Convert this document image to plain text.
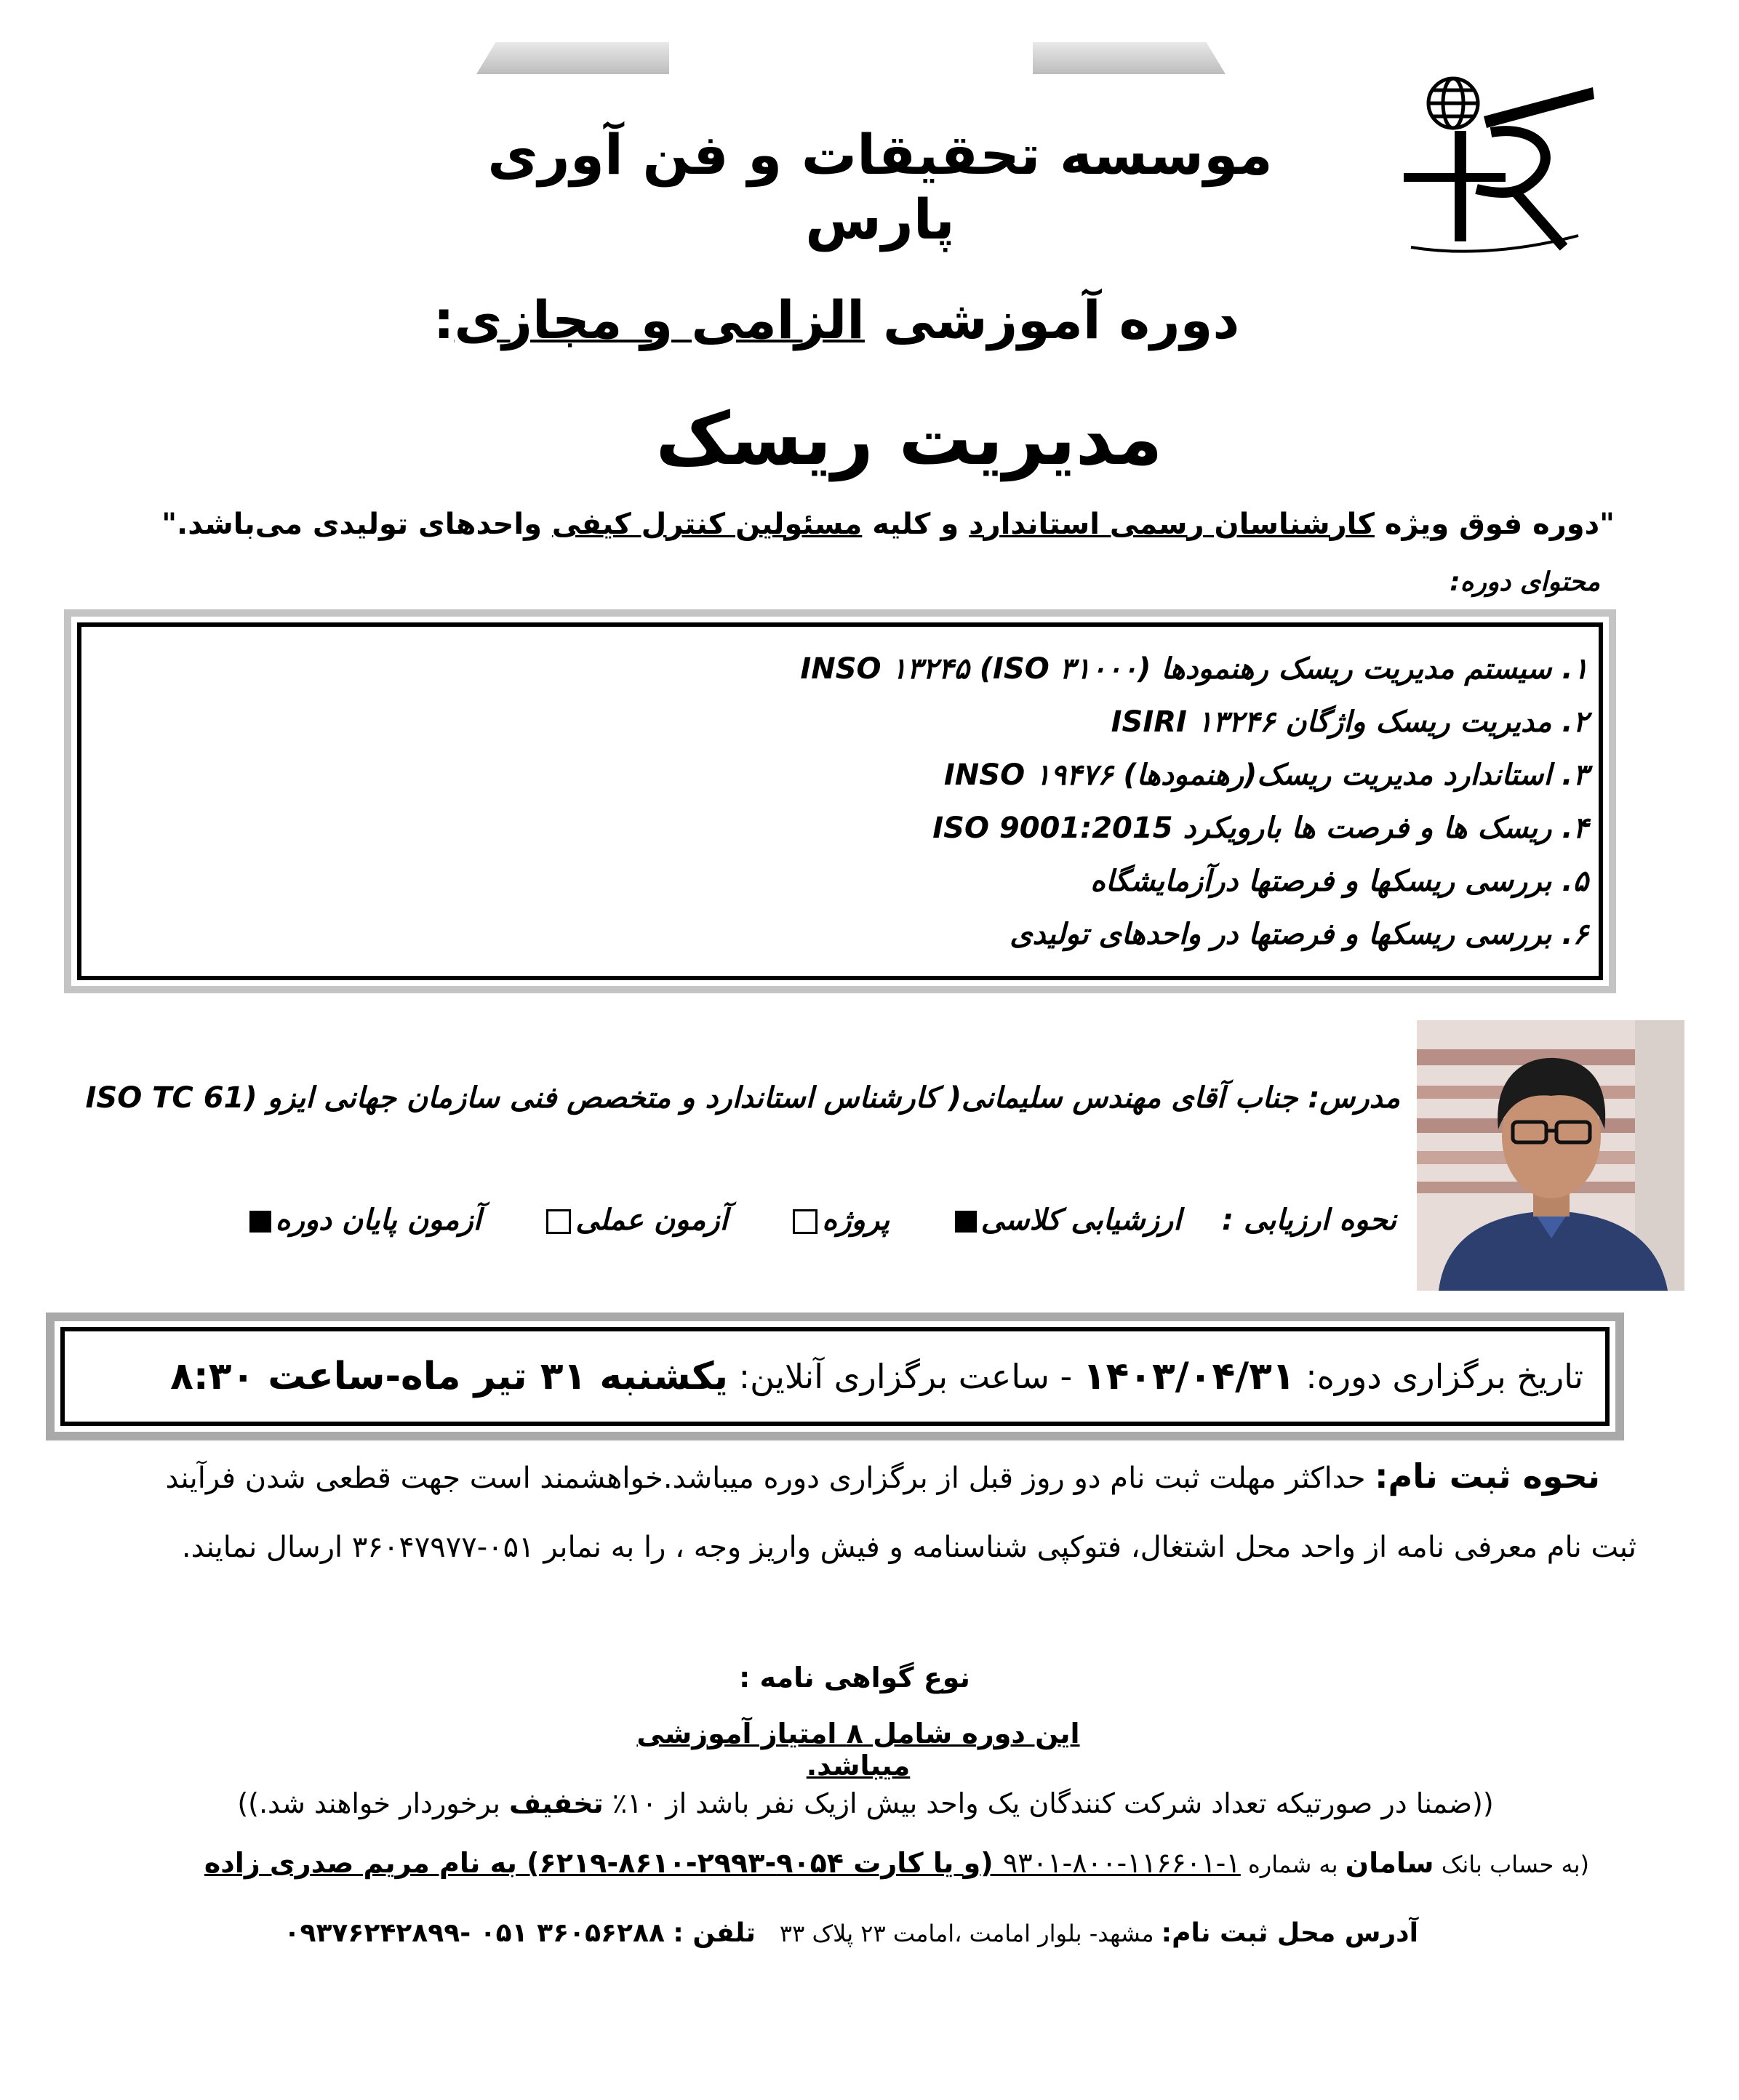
موسسه تحقیقات و فن آوری پارس
دوره آموزشی الزامی و مجازی:
مدیریت ریسک
"دوره فوق ویژه کارشناسان رسمی استاندارد و کلیه مسئولین کنترل کیفی واحدهای تولیدی می‌باشد."
محتوای دوره:
۱. سیستم مدیریت ریسک رهنمودها INSO ۱۳۲۴۵ (ISO ۳۱۰۰۰)
۲. مدیریت ریسک واژگان ۱۳۲۴۶ ISIRI
۳. استاندارد مدیریت ریسک(رهنمودها) INSO ۱۹۴۷۶
۴. ریسک ها و فرصت ها بارویکرد ISO 9001:2015
۵. بررسی ریسکها و فرصتها درآزمایشگاه
۶. بررسی ریسکها و فرصتها در واحدهای تولیدی
مدرس: جناب آقای مهندس سلیمانی( کارشناس استاندارد و متخصص فنی سازمان جهانی ایزو (ISO TC 61
نحوه ارزیابی :    ارزشیابی کلاسی      پروژه      آزمون عملی      آزمون پایان دوره
تاریخ برگزاری دوره:

۱۴۰۳/۰۴/۳۱

- ساعت برگزاری آنلاین:

یکشنبه ۳۱ تیر ماه-ساعت ۸:۳۰
نحوه ثبت نام: حداکثر مهلت ثبت نام دو روز قبل از برگزاری دوره میباشد.خواهشمند است جهت قطعی شدن فرآیند
ثبت نام معرفی نامه از واحد محل اشتغال، فتوکپی شناسنامه و فیش واریز وجه ، را به نمابر ۰۵۱-۳۶۰۴۷۹۷۷ ارسال نمایند.
نوع گواهی نامه :
این دوره شامل ۸ امتیاز آموزشی میباشد.
((ضمنا در صورتیکه تعداد شرکت کنندگان یک واحد بیش ازیک نفر باشد از ۱۰٪ تخفیف برخوردار خواهند شد.))
(به حساب بانک سامان به شماره ۱-۱۱۶۶۰۱-۸۰۰-۹۳۰۱ (و یا کارت ۹۰۵۴-۲۹۹۳-۸۶۱۰-۶۲۱۹) به نام مریم صدری زاده
آدرس محل ثبت نام: مشهد- بلوار امامت ،امامت ۲۳ پلاک ۳۳   تلفن : ۳۶۰۵۶۲۸۸ ۰۵۱ -۰۹۳۷۶۲۴۲۸۹۹
